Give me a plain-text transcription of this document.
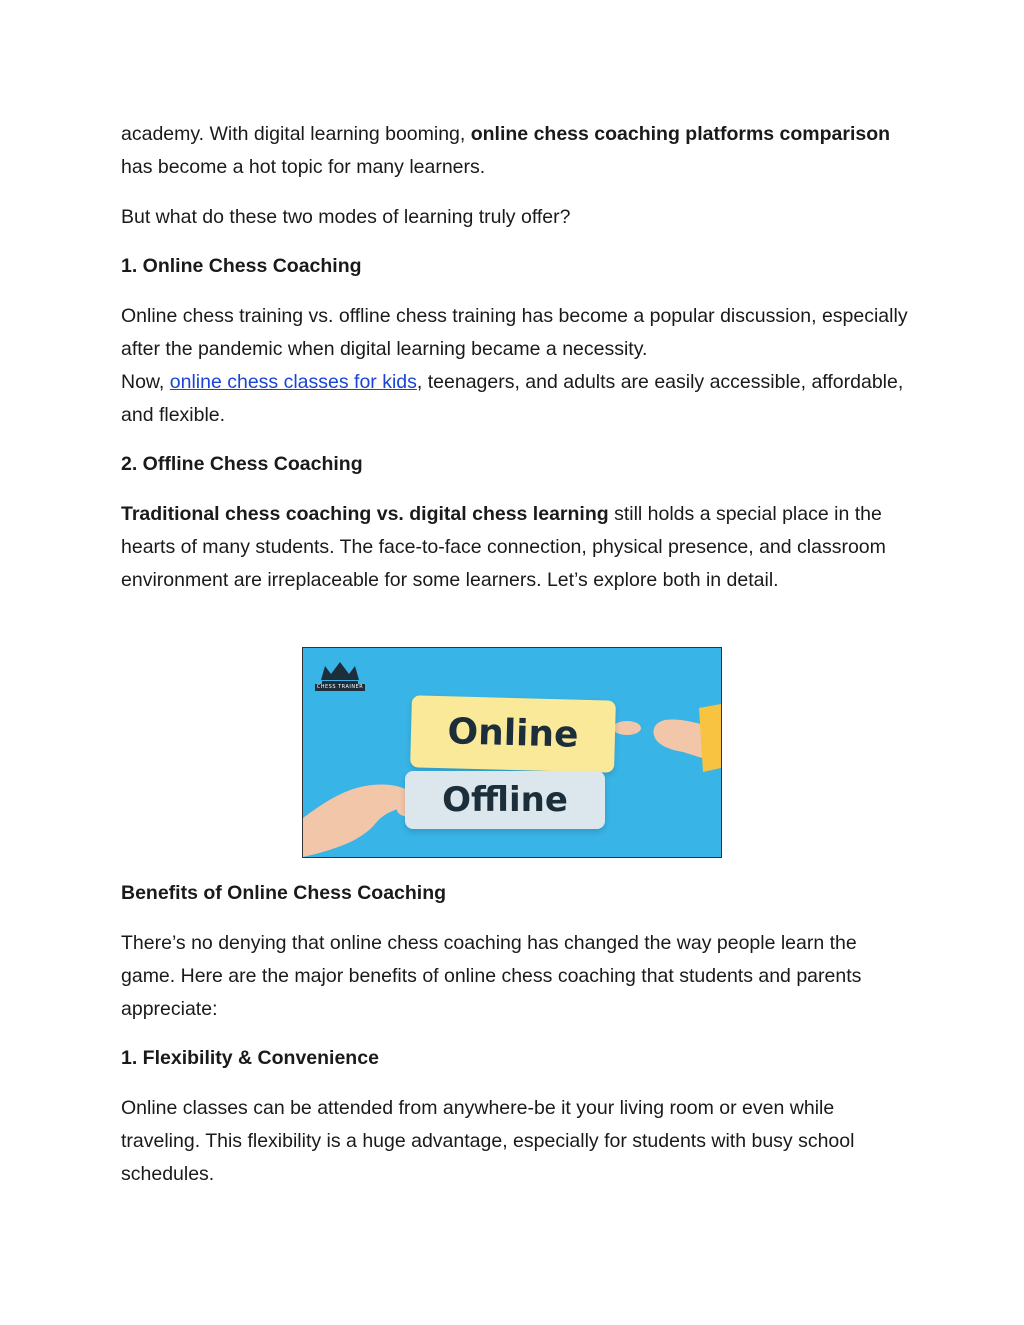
academy. With digital learning booming, online chess coaching platforms comparison has become a hot topic for many learners.

But what do these two modes of learning truly offer?

1. Online Chess Coaching

Online chess training vs. offline chess training has become a popular discussion, especially after the pandemic when digital learning became a necessity.
Now, online chess classes for kids, teenagers, and adults are easily accessible, affordable, and flexible.

2. Offline Chess Coaching

Traditional chess coaching vs. digital chess learning still holds a special place in the hearts of many students. The face-to-face connection, physical presence, and classroom environment are irreplaceable for some learners. Let’s explore both in detail.

CHESS TRAINER
Online
Offline

Benefits of Online Chess Coaching

There’s no denying that online chess coaching has changed the way people learn the game. Here are the major benefits of online chess coaching that students and parents appreciate:

1. Flexibility & Convenience

Online classes can be attended from anywhere-be it your living room or even while traveling. This flexibility is a huge advantage, especially for students with busy school schedules.
